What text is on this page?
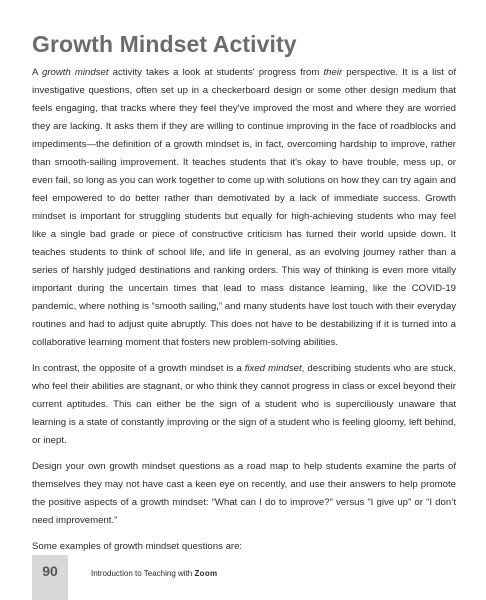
Growth Mindset Activity

A growth mindset activity takes a look at students' progress from their perspective. It is a list of investigative questions, often set up in a checkerboard design or some other design medium that feels engaging, that tracks where they feel they've improved the most and where they are worried they are lacking. It asks them if they are willing to continue improving in the face of roadblocks and impediments—the definition of a growth mindset is, in fact, overcoming hardship to improve, rather than smooth-sailing improvement. It teaches students that it's okay to have trouble, mess up, or even fail, so long as you can work together to come up with solutions on how they can try again and feel empowered to do better rather than demotivated by a lack of immediate success. Growth mindset is important for struggling students but equally for high-achieving students who may feel like a single bad grade or piece of constructive criticism has turned their world upside down. It teaches students to think of school life, and life in general, as an evolving journey rather than a series of harshly judged destinations and ranking orders. This way of thinking is even more vitally important during the uncertain times that lead to mass distance learning, like the COVID-19 pandemic, where nothing is “smooth sailing,” and many students have lost touch with their everyday routines and had to adjust quite abruptly. This does not have to be destabilizing if it is turned into a collaborative learning moment that fosters new problem-solving abilities.

In contrast, the opposite of a growth mindset is a fixed mindset, describing students who are stuck, who feel their abilities are stagnant, or who think they cannot progress in class or excel beyond their current aptitudes. This can either be the sign of a student who is superciliously unaware that learning is a state of constantly improving or the sign of a student who is feeling gloomy, left behind, or inept.

Design your own growth mindset questions as a road map to help students examine the parts of themselves they may not have cast a keen eye on recently, and use their answers to help promote the positive aspects of a growth mindset: “What can I do to improve?” versus “I give up” or “I don’t need improvement.”

Some examples of growth mindset questions are:

90	Introduction to Teaching with Zoom
